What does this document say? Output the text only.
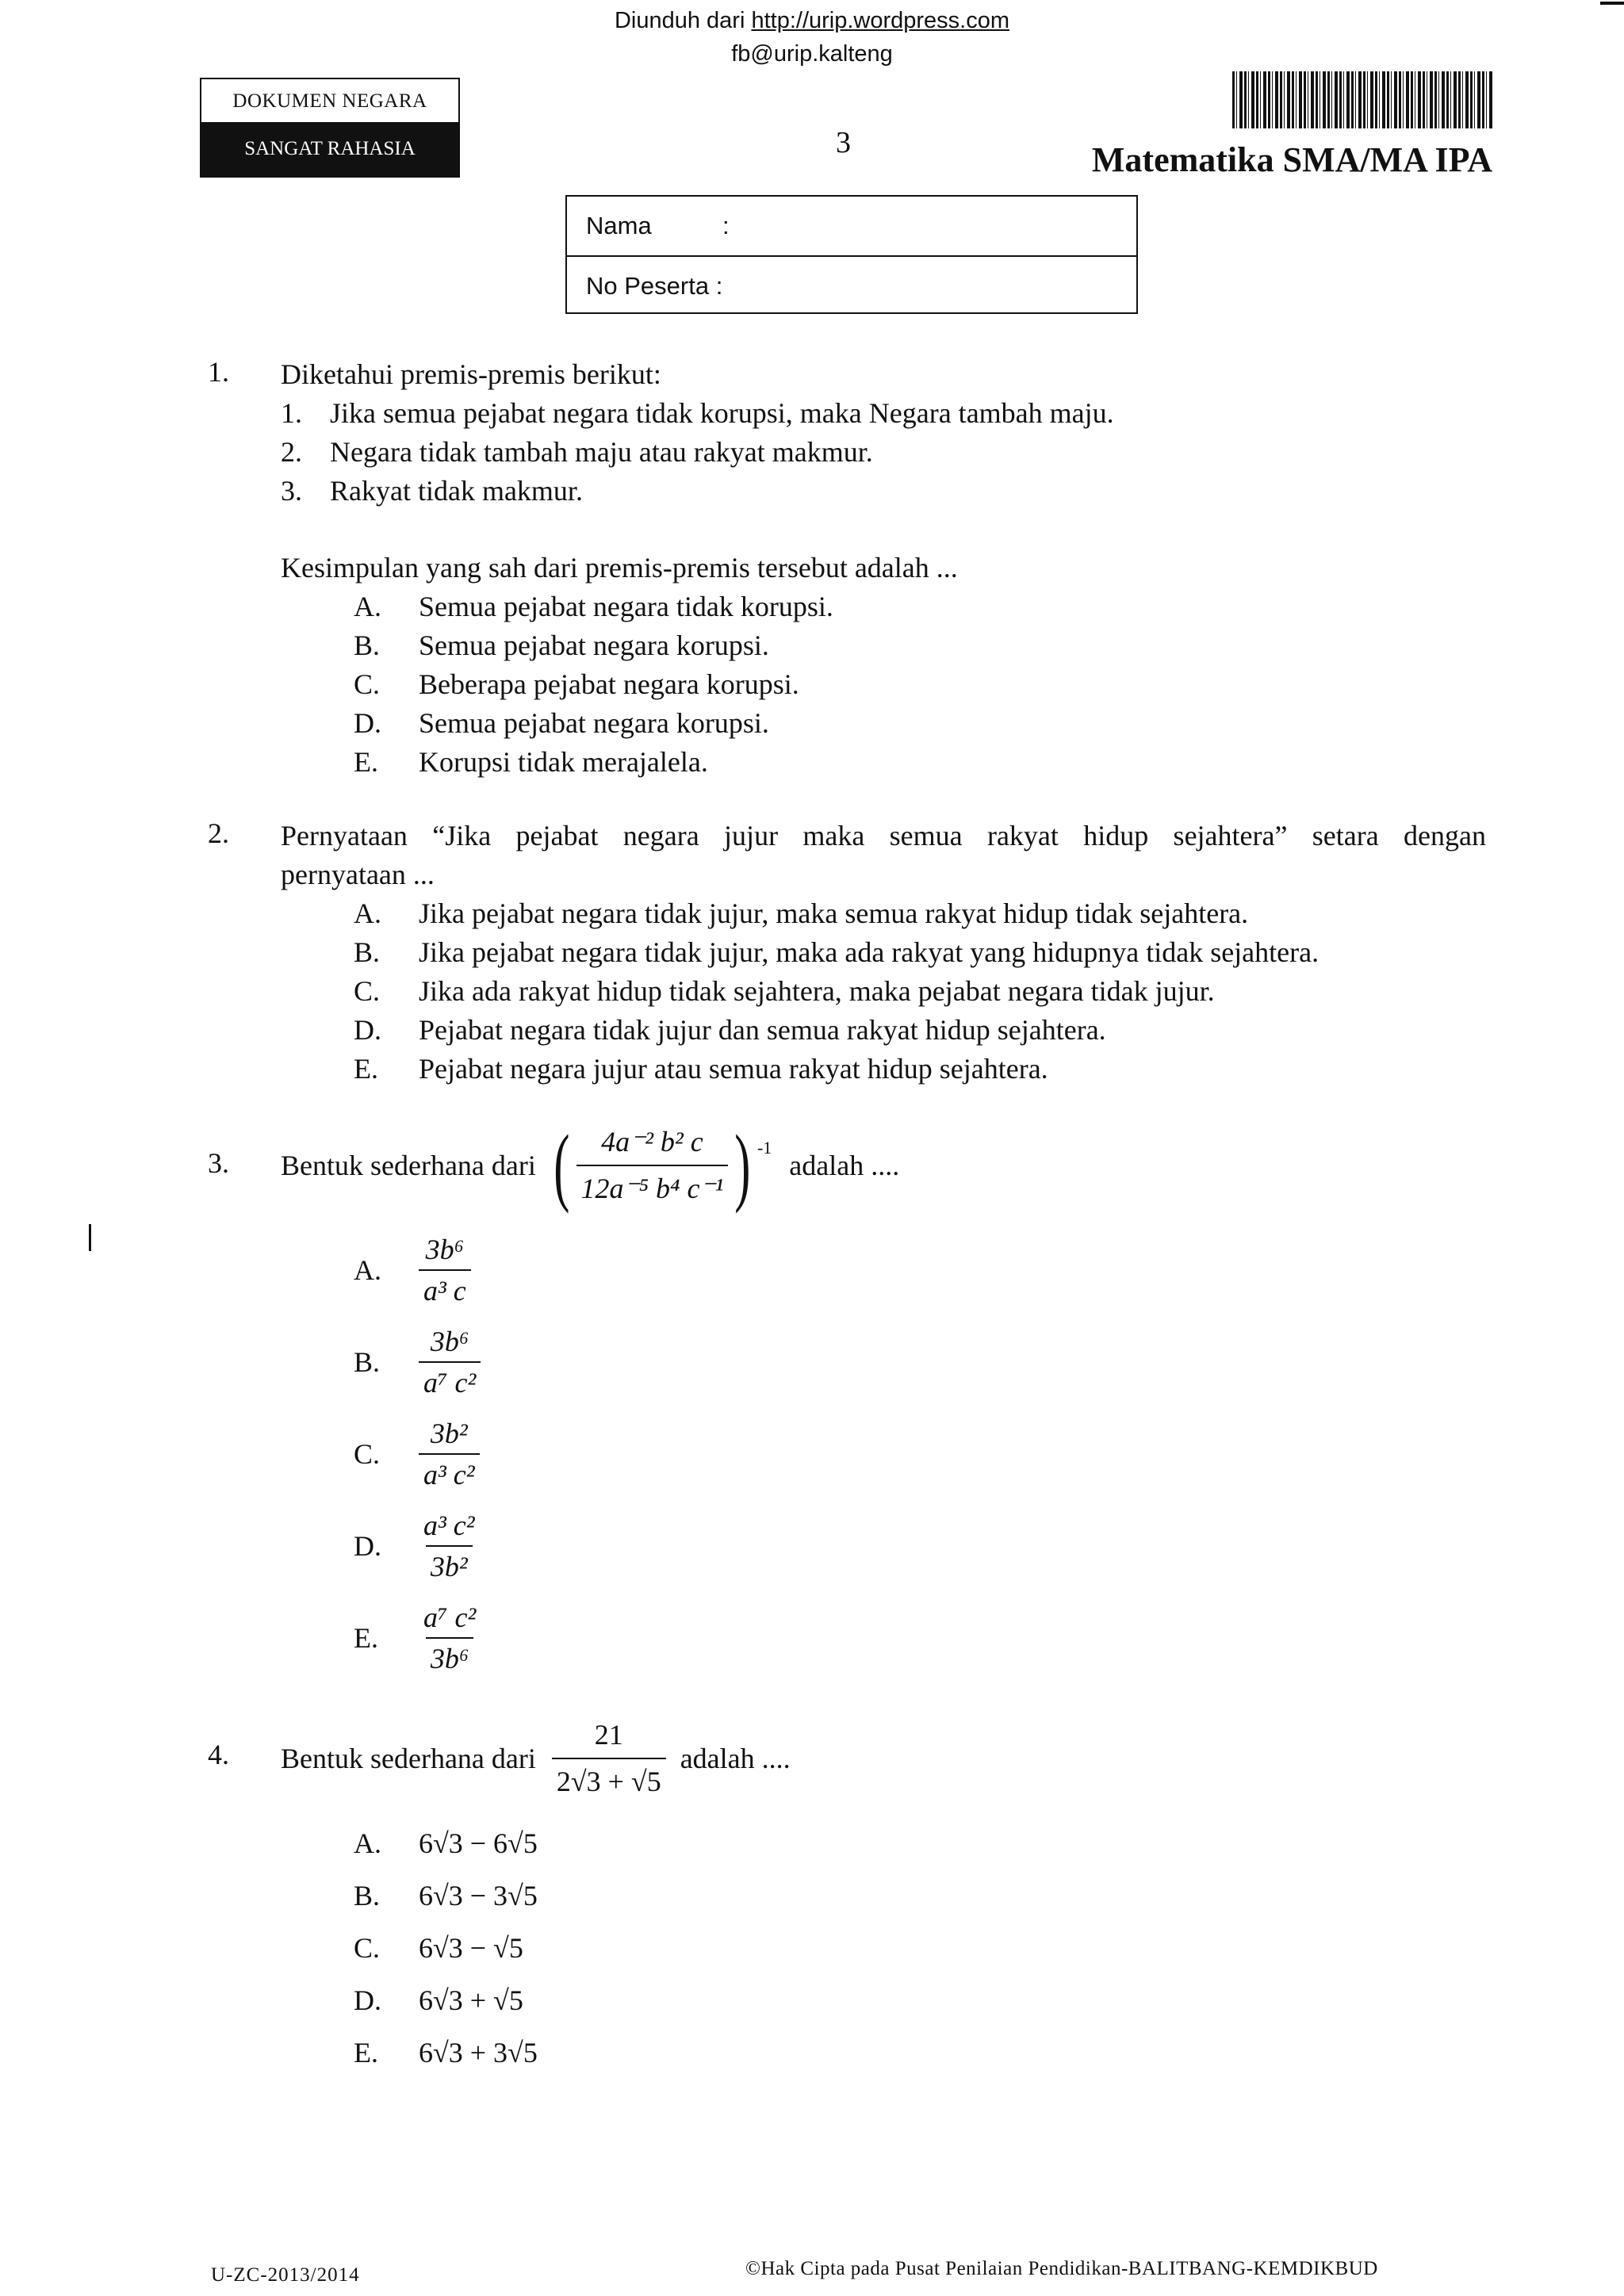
Diunduh dari http://urip.wordpress.com
fb@urip.kalteng
DOKUMEN NEGARA
SANGAT RAHASIA	3	Matematika SMA/MA IPA
Nama	:
No Peserta :
1. Diketahui premis-premis berikut:
1. Jika semua pejabat negara tidak korupsi, maka Negara tambah maju.
2. Negara tidak tambah maju atau rakyat makmur.
3. Rakyat tidak makmur.
Kesimpulan yang sah dari premis-premis tersebut adalah ...
A. Semua pejabat negara tidak korupsi.
B. Semua pejabat negara korupsi.
C. Beberapa pejabat negara korupsi.
D. Semua pejabat negara korupsi.
E. Korupsi tidak merajalela.
2. Pernyataan “Jika pejabat negara jujur maka semua rakyat hidup sejahtera” setara dengan
pernyataan ...
A. Jika pejabat negara tidak jujur, maka semua rakyat hidup tidak sejahtera.
B. Jika pejabat negara tidak jujur, maka ada rakyat yang hidupnya tidak sejahtera.
C. Jika ada rakyat hidup tidak sejahtera, maka pejabat negara tidak jujur.
D. Pejabat negara tidak jujur dan semua rakyat hidup sejahtera.
E. Pejabat negara jujur atau semua rakyat hidup sejahtera.
3. Bentuk sederhana dari ( $\frac{\text{4a⁻² b² c}}{\text{12a⁻⁵ b⁴ c⁻¹}}$ ) -1
adalah ....
A.	$\frac{\text{3b⁶}}{\text{a³ c}}$
B.	$\frac{\text{3b⁶}}{\text{a⁷ c²}}$
C.	$\frac{\text{3b²}}{\text{a³ c²}}$
D.	$\frac{\text{a³ c²}}{\text{3b²}}$
E.	$\frac{\text{a⁷ c²}}{\text{3b⁶}}$
4. Bentuk sederhana dari $\frac{21}{2√3 + √5}$ adalah ....
A. 6√3 − 6√5
B. 6√3 − 3√5
C. 6√3 − √5
D. 6√3 + √5
E. 6√3 + 3√5
U-ZC-2013/2014	©Hak Cipta pada Pusat Penilaian Pendidikan-BALITBANG-KEMDIKBUD
